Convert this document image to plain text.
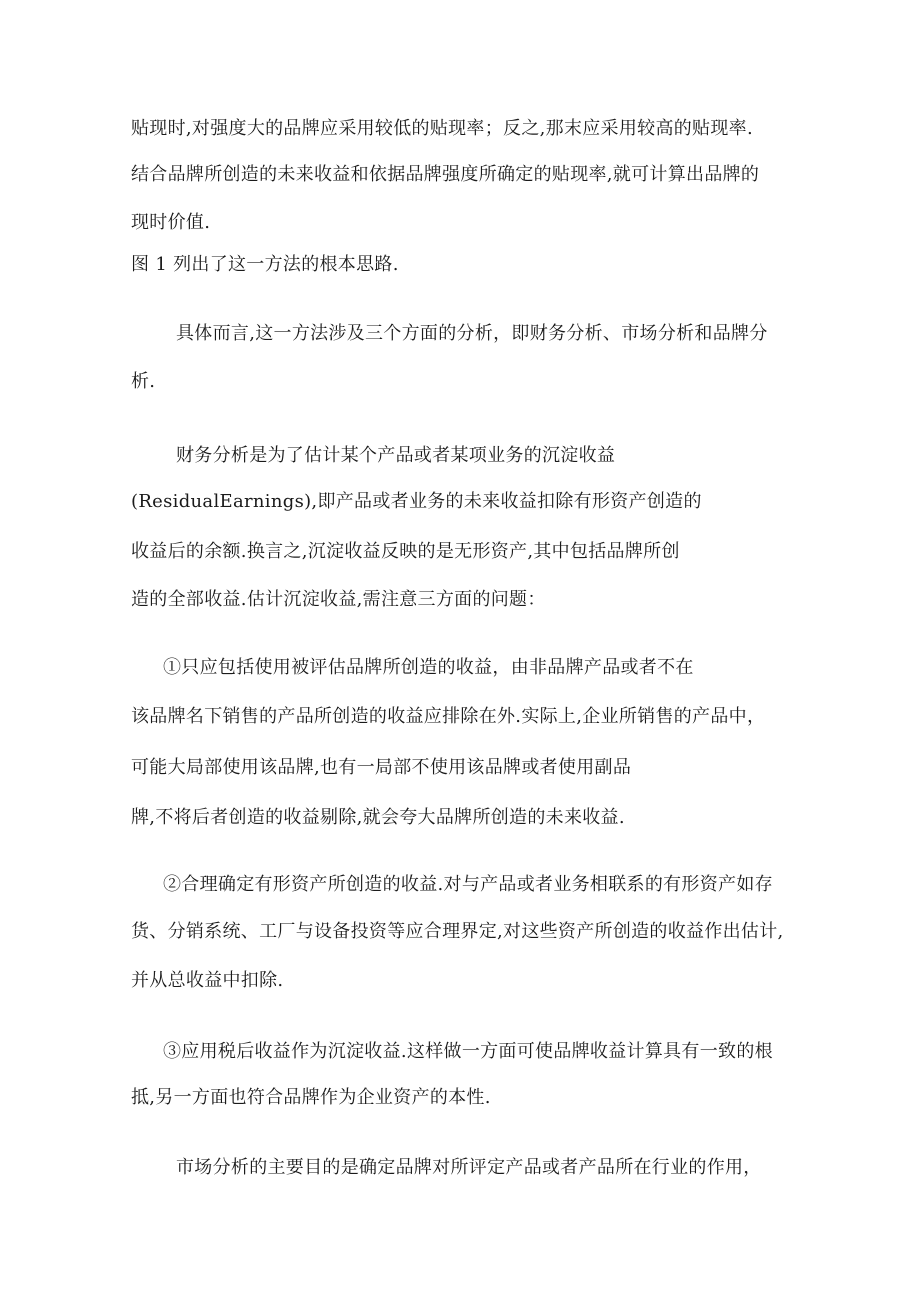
贴现时,对强度大的品牌应采用较低的贴现率；反之,那末应采用较高的贴现率.
结合品牌所创造的未来收益和依据品牌强度所确定的贴现率,就可计算出品牌的
现时价值.
图 1 列出了这一方法的根本思路.
具体而言,这一方法涉及三个方面的分析，即财务分析、市场分析和品牌分
析.
财务分析是为了估计某个产品或者某项业务的沉淀收益
(ResidualEarnings),即产品或者业务的未来收益扣除有形资产创造的
收益后的余额.换言之,沉淀收益反映的是无形资产,其中包括品牌所创
造的全部收益.估计沉淀收益,需注意三方面的问题：
①只应包括使用被评估品牌所创造的收益，由非品牌产品或者不在
该品牌名下销售的产品所创造的收益应排除在外.实际上,企业所销售的产品中，
可能大局部使用该品牌,也有一局部不使用该品牌或者使用副品
牌,不将后者创造的收益剔除,就会夸大品牌所创造的未来收益.
②合理确定有形资产所创造的收益.对与产品或者业务相联系的有形资产如存
货、分销系统、工厂与设备投资等应合理界定,对这些资产所创造的收益作出估计,
并从总收益中扣除.
③应用税后收益作为沉淀收益.这样做一方面可使品牌收益计算具有一致的根
抵,另一方面也符合品牌作为企业资产的本性.
市场分析的主要目的是确定品牌对所评定产品或者产品所在行业的作用，
